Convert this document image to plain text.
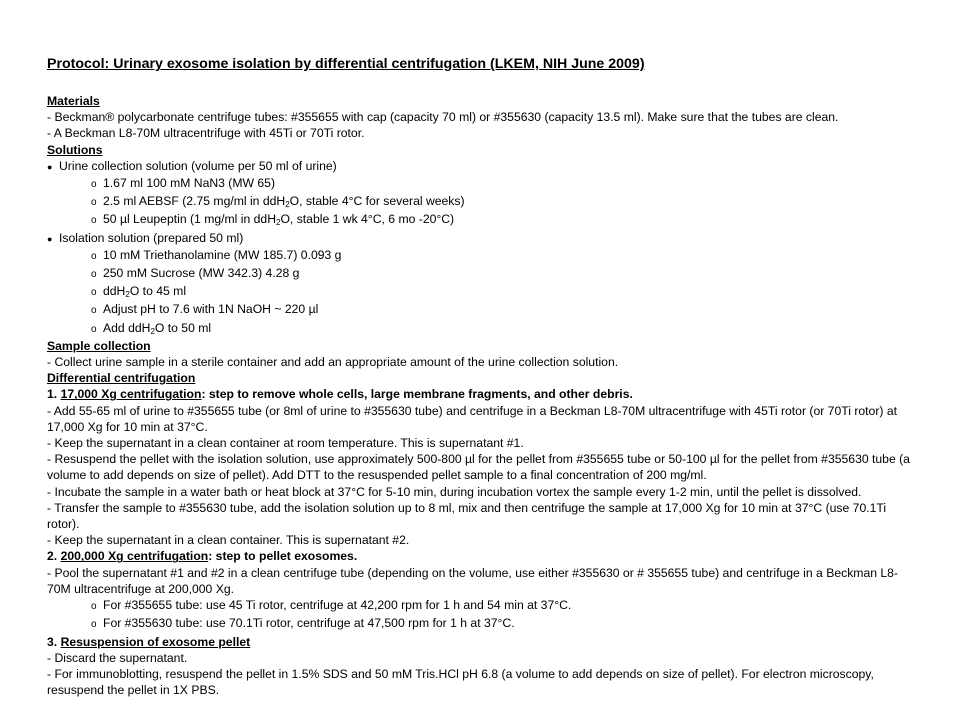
Protocol: Urinary exosome isolation by differential centrifugation (LKEM, NIH June 2009)

Materials

- Beckman® polycarbonate centrifuge tubes: #355655 with cap (capacity 70 ml) or #355630 (capacity 13.5 ml). Make sure that the tubes are clean.

- A Beckman L8-70M ultracentrifuge with 45Ti or 70Ti rotor.

Solutions

● Urine collection solution (volume per 50 ml of urine)

o 1.67 ml 100 mM NaN3 (MW 65)

o 2.5 ml AEBSF (2.75 mg/ml in ddH$_2$O, stable 4°C for several weeks)

o 50 µl Leupeptin (1 mg/ml in ddH$_2$O, stable 1 wk 4°C, 6 mo -20°C)

● Isolation solution (prepared 50 ml)

o 10 mM Triethanolamine (MW 185.7) 0.093 g

o 250 mM Sucrose (MW 342.3) 4.28 g

o ddH$_2$O to 45 ml

o Adjust pH to 7.6 with 1N NaOH ~ 220 µl

o Add ddH$_2$O to 50 ml

Sample collection

- Collect urine sample in a sterile container and add an appropriate amount of the urine collection solution.

Differential centrifugation

1. 17,000 Xg centrifugation: step to remove whole cells, large membrane fragments, and other debris.

- Add 55-65 ml of urine to #355655 tube (or 8ml of urine to #355630 tube) and centrifuge in a Beckman L8-70M ultracentrifuge with 45Ti rotor (or 70Ti rotor) at 17,000 Xg for 10 min at 37°C.

- Keep the supernatant in a clean container at room temperature. This is supernatant #1.

- Resuspend the pellet with the isolation solution, use approximately 500-800 µl for the pellet from #355655 tube or 50-100 µl for the pellet from #355630 tube (a volume to add depends on size of pellet). Add DTT to the resuspended pellet sample to a final concentration of 200 mg/ml.

- Incubate the sample in a water bath or heat block at 37°C for 5-10 min, during incubation vortex the sample every 1-2 min, until the pellet is dissolved.

- Transfer the sample to #355630 tube, add the isolation solution up to 8 ml, mix and then centrifuge the sample at 17,000 Xg for 10 min at 37°C (use 70.1Ti rotor).

- Keep the supernatant in a clean container. This is supernatant #2.

2. 200,000 Xg centrifugation: step to pellet exosomes.

- Pool the supernatant #1 and #2 in a clean centrifuge tube (depending on the volume, use either #355630 or # 355655 tube) and centrifuge in a Beckman L8-70M ultracentrifuge at 200,000 Xg.

o For #355655 tube: use 45 Ti rotor, centrifuge at 42,200 rpm for 1 h and 54 min at 37°C.

o For #355630 tube: use 70.1Ti rotor, centrifuge at 47,500 rpm for 1 h at 37°C.

3. Resuspension of exosome pellet

- Discard the supernatant.

- For immunoblotting, resuspend the pellet in 1.5% SDS and 50 mM Tris.HCl pH 6.8 (a volume to add depends on size of pellet). For electron microscopy, resuspend the pellet in 1X PBS.
